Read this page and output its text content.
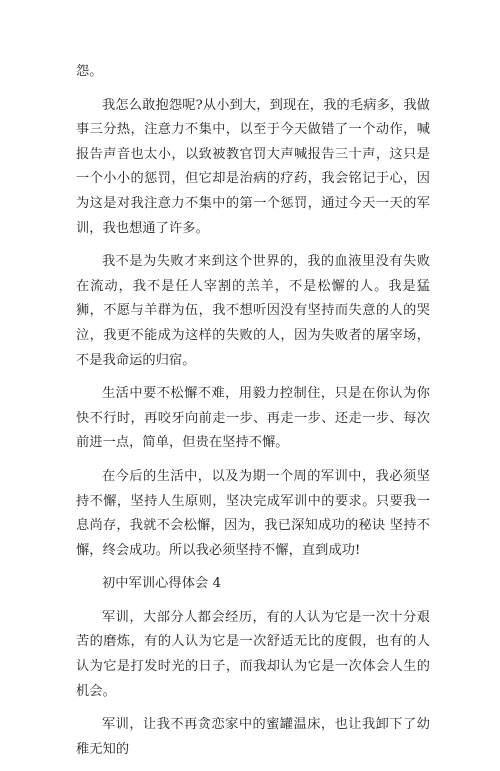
怨。

我怎么敢抱怨呢?从小到大，到现在，我的毛病多，我做事三分热，注意力不集中，以至于今天做错了一个动作，喊报告声音也太小，以致被教官罚大声喊报告三十声，这只是一个小小的惩罚，但它却是治病的疗药，我会铭记于心，因为这是对我注意力不集中的第一个惩罚，通过今天一天的军训，我也想通了许多。

我不是为失败才来到这个世界的，我的血液里没有失败在流动，我不是任人宰割的羔羊，不是松懈的人。我是猛狮，不愿与羊群为伍，我不想听因没有坚持而失意的人的哭泣，我更不能成为这样的失败的人，因为失败者的屠宰场，不是我命运的归宿。

生活中要不松懈不难，用毅力控制住，只是在你认为你快不行时，再咬牙向前走一步、再走一步、还走一步、每次前进一点，简单，但贵在坚持不懈。

在今后的生活中，以及为期一个周的军训中，我必须坚持不懈，坚持人生原则，坚决完成军训中的要求。只要我一息尚存，我就不会松懈，因为，我已深知成功的秘诀 坚持不懈，终会成功。所以我必须坚持不懈，直到成功!

初中军训心得体会 4

军训，大部分人都会经历，有的人认为它是一次十分艰苦的磨炼，有的人认为它是一次舒适无比的度假，也有的人认为它是打发时光的日子，而我却认为它是一次体会人生的机会。

军训，让我不再贪恋家中的蜜罐温床，也让我卸下了幼稚无知的
